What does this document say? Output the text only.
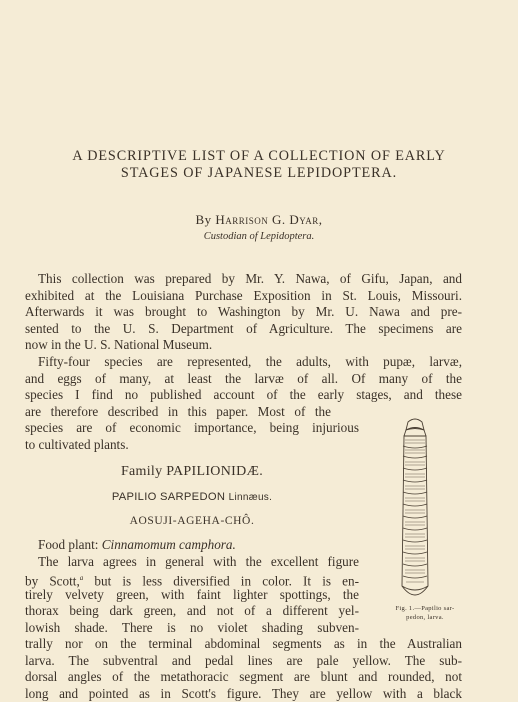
A DESCRIPTIVE LIST OF A COLLECTION OF EARLY
STAGES OF JAPANESE LEPIDOPTERA.
By Harrison G. Dyar,
Custodian of Lepidoptera.
This collection was prepared by Mr. Y. Nawa, of Gifu, Japan, and
exhibited at the Louisiana Purchase Exposition in St. Louis, Missouri.
Afterwards it was brought to Washington by Mr. U. Nawa and pre-
sented to the U. S. Department of Agriculture. The specimens are
now in the U. S. National Museum.
Fifty-four species are represented, the adults, with pupæ, larvæ,
and eggs of many, at least the larvæ of all. Of many of the
species I find no published account of the early stages, and these
are therefore described in this paper. Most of the
species are of economic importance, being injurious
to cultivated plants.
Family PAPILIONIDÆ.
PAPILIO SARPEDON Linnæus.
AOSUJI-AGEHA-CHÔ.
Food plant: Cinnamomum camphora.
The larva agrees in general with the excellent figure
by Scott,$^a$ but is less diversified in color. It is en-
tirely velvety green, with faint lighter spottings, the
thorax being dark green, and not of a different yel-
lowish shade. There is no violet shading subven-
trally nor on the terminal abdominal segments as in the Australian
larva. The subventral and pedal lines are pale yellow. The sub-
dorsal angles of the metathoracic segment are blunt and rounded, not
long and pointed as in Scott's figure. They are yellow with a black
Fig. 1.—Papilio sar-
pedon, larva.
